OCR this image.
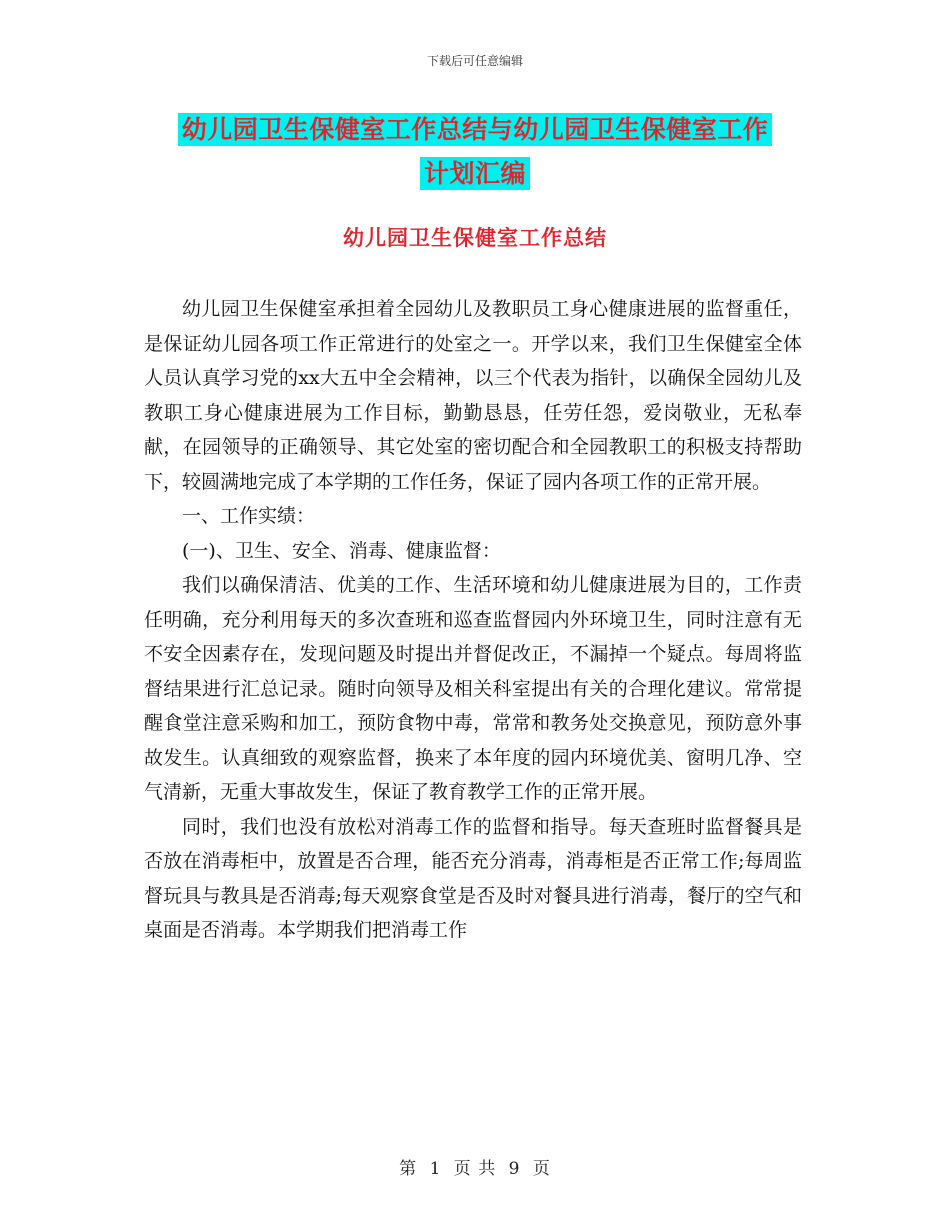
下载后可任意编辑
幼儿园卫生保健室工作总结与幼儿园卫生保健室工作
计划汇编
幼儿园卫生保健室工作总结

幼儿园卫生保健室承担着全园幼儿及教职员工身心健康进展的监督重任，是保证幼儿园各项工作正常进行的处室之一。开学以来，我们卫生保健室全体人员认真学习党的xx大五中全会精神，以三个代表为指针，以确保全园幼儿及教职工身心健康进展为工作目标，勤勤恳恳，任劳任怨，爱岗敬业，无私奉献，在园领导的正确领导、其它处室的密切配合和全园教职工的积极支持帮助下，较圆满地完成了本学期的工作任务，保证了园内各项工作的正常开展。

一、工作实绩：

(一)、卫生、安全、消毒、健康监督：

我们以确保清洁、优美的工作、生活环境和幼儿健康进展为目的，工作责任明确，充分利用每天的多次查班和巡查监督园内外环境卫生，同时注意有无不安全因素存在，发现问题及时提出并督促改正，不漏掉一个疑点。每周将监督结果进行汇总记录。随时向领导及相关科室提出有关的合理化建议。常常提醒食堂注意采购和加工，预防食物中毒，常常和教务处交换意见，预防意外事故发生。认真细致的观察监督，换来了本年度的园内环境优美、窗明几净、空气清新，无重大事故发生，保证了教育教学工作的正常开展。

同时，我们也没有放松对消毒工作的监督和指导。每天查班时监督餐具是否放在消毒柜中，放置是否合理，能否充分消毒，消毒柜是否正常工作;每周监督玩具与教具是否消毒;每天观察食堂是否及时对餐具进行消毒，餐厅的空气和桌面是否消毒。本学期我们把消毒工作

第 1 页 共 9 页
